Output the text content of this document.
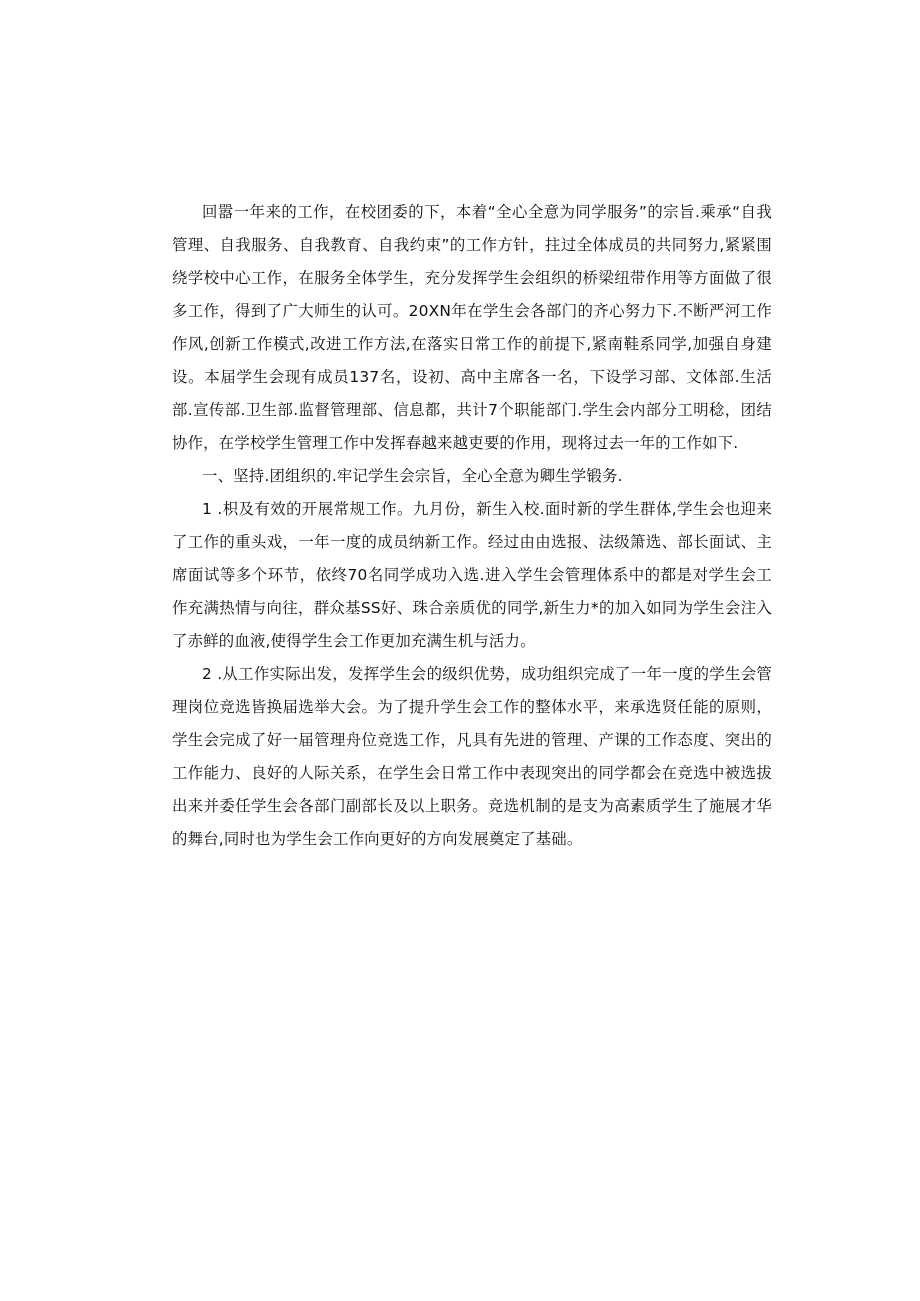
回嚣一年来的工作，在校团委的下，本着“全心全意为同学服务”的宗旨.乘承“自我管理、自我服务、自我教育、自我约束”的工作方针，拄过全体成员的共同努力,紧紧围绕学校中心工作，在服务全体学生，充分发挥学生会组织的桥梁纽带作用等方面做了很多工作，得到了广大师生的认可。20XN年在学生会各部门的齐心努力下.不断严河工作作风,创新工作模式,改进工作方法,在落实日常工作的前提下,紧南鞋系同学,加强自身建设。本届学生会现有成员137名，设初、高中主席各一名，下设学习部、文体部.生活部.宣传部.卫生部.监督管理部、信息都，共计7个职能部门.学生会内部分工明稔，团结协作，在学校学生管理工作中发挥春越来越吏要的作用，现将过去一年的工作如下.

一、坚持.团组织的.牢记学生会宗旨，全心全意为卿生学锻务.

1 .枳及有效的开展常规工作。九月份，新生入校.面时新的学生群体,学生会也迎来了工作的重头戏，一年一度的成员纳新工作。经过由由选报、法级箫选、部长面试、主席面试等多个环节，依终70名同学成功入选.进入学生会管理体系中的都是对学生会工作充满热情与向往，群众基SS好、珠合亲质优的同学,新生力*的加入如同为学生会注入了赤鲜的血液,使得学生会工作更加充满生机与活力。

2 .从工作实际出发，发挥学生会的级织优势，成功组织完成了一年一度的学生会管理岗位竞选皆换届选举大会。为了提升学生会工作的整体水平，来承选贤任能的原则，学生会完成了好一届管理舟位竞选工作，凡具有先进的管理、产课的工作态度、突出的工作能力、良好的人际关系，在学生会日常工作中表现突出的同学都会在竞选中被选拔出来并委任学生会各部门副部长及以上职务。竞选机制的是支为高素质学生了施展才华的舞台,同时也为学生会工作向更好的方向发展奠定了基础。
